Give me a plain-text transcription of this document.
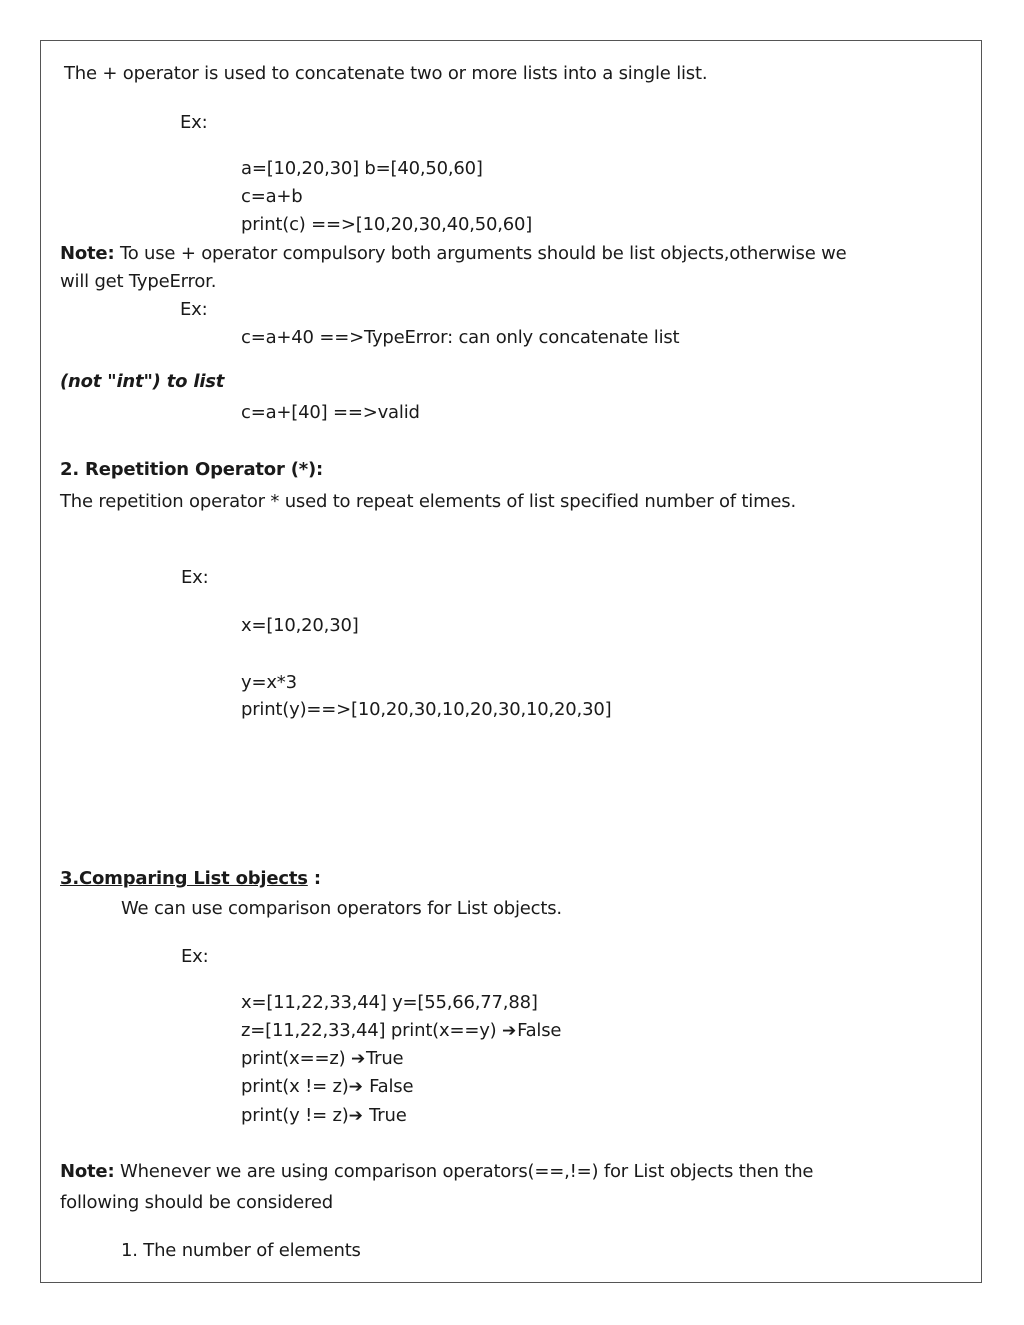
The + operator is used to concatenate two or more lists into a single list.
Ex:
a=[10,20,30] b=[40,50,60]
c=a+b
print(c) ==>[10,20,30,40,50,60]
Note: To use + operator compulsory both arguments should be list objects,otherwise we
will get TypeError.
Ex:
c=a+40 ==>TypeError: can only concatenate list
(not "int") to list
c=a+[40] ==>valid
2. Repetition Operator (*):
The repetition operator * used to repeat elements of list specified number of times.
Ex:
x=[10,20,30]
y=x*3
print(y)==>[10,20,30,10,20,30,10,20,30]
3.Comparing List objects :
We can use comparison operators for List objects.
Ex:
x=[11,22,33,44] y=[55,66,77,88]
z=[11,22,33,44] print(x==y) ➔False
print(x==z) ➔True
print(x != z)➔ False
print(y != z)➔ True
Note: Whenever we are using comparison operators(==,!=) for List objects then the
following should be considered
1. The number of elements
